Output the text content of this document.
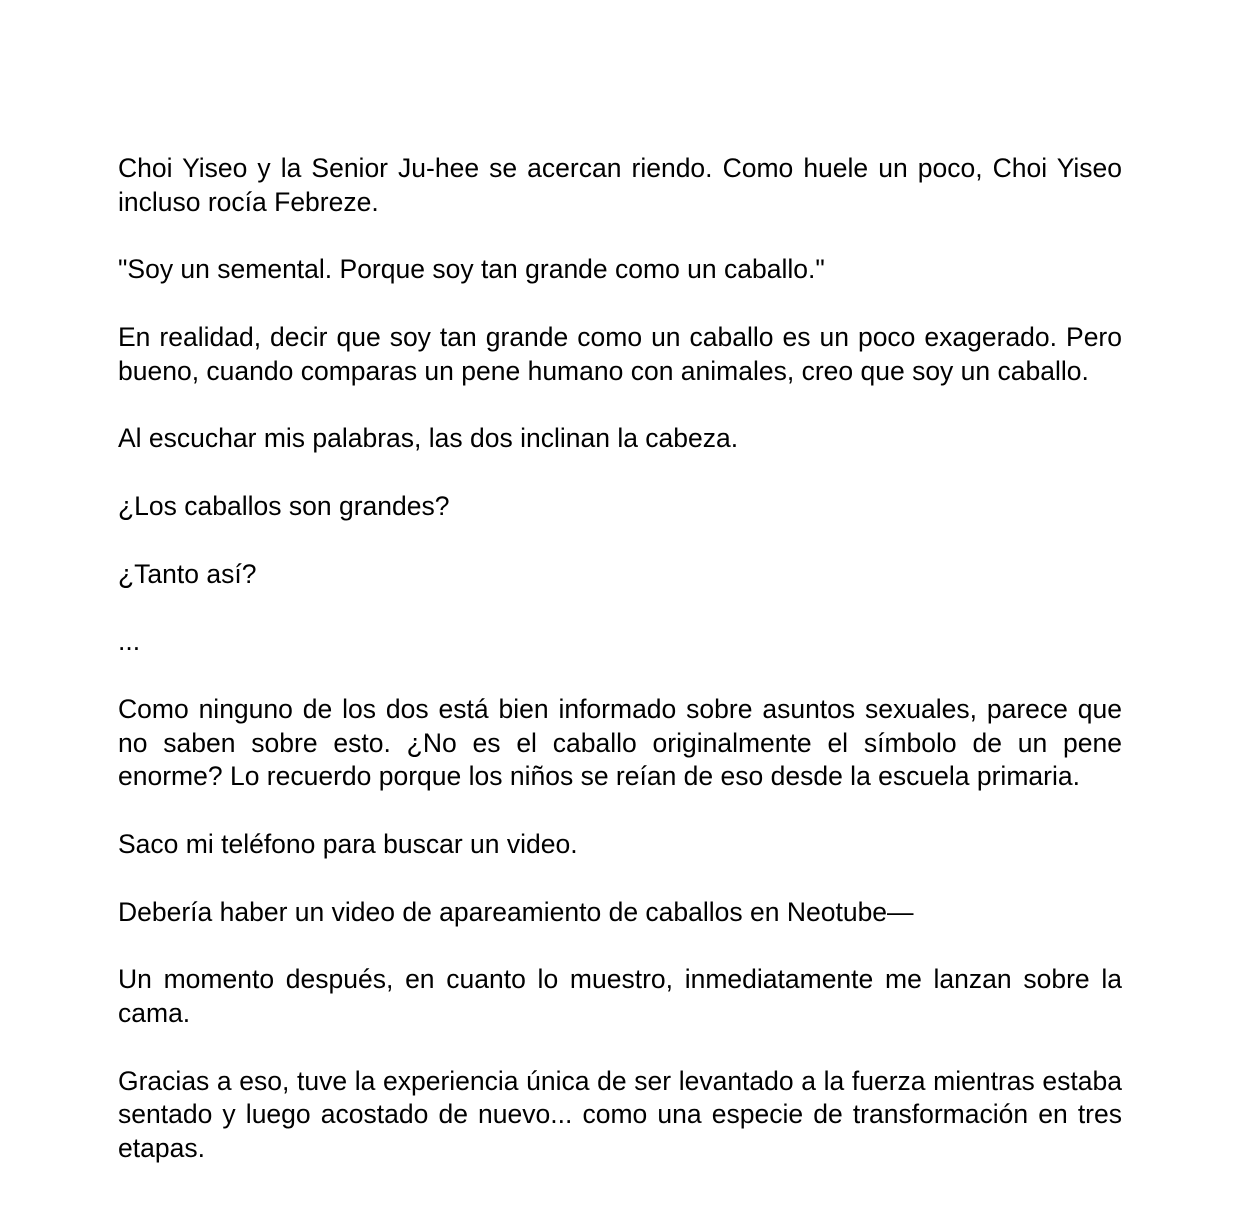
Choi Yiseo y la Senior Ju-hee se acercan riendo. Como huele un poco, Choi Yiseo incluso rocía Febreze.

"Soy un semental. Porque soy tan grande como un caballo."

En realidad, decir que soy tan grande como un caballo es un poco exagerado. Pero bueno, cuando comparas un pene humano con animales, creo que soy un caballo.

Al escuchar mis palabras, las dos inclinan la cabeza.

¿Los caballos son grandes?

¿Tanto así?

...

Como ninguno de los dos está bien informado sobre asuntos sexuales, parece que no saben sobre esto. ¿No es el caballo originalmente el símbolo de un pene enorme? Lo recuerdo porque los niños se reían de eso desde la escuela primaria.

Saco mi teléfono para buscar un video.

Debería haber un video de apareamiento de caballos en Neotube—

Un momento después, en cuanto lo muestro, inmediatamente me lanzan sobre la cama.

Gracias a eso, tuve la experiencia única de ser levantado a la fuerza mientras estaba sentado y luego acostado de nuevo... como una especie de transformación en tres etapas.
